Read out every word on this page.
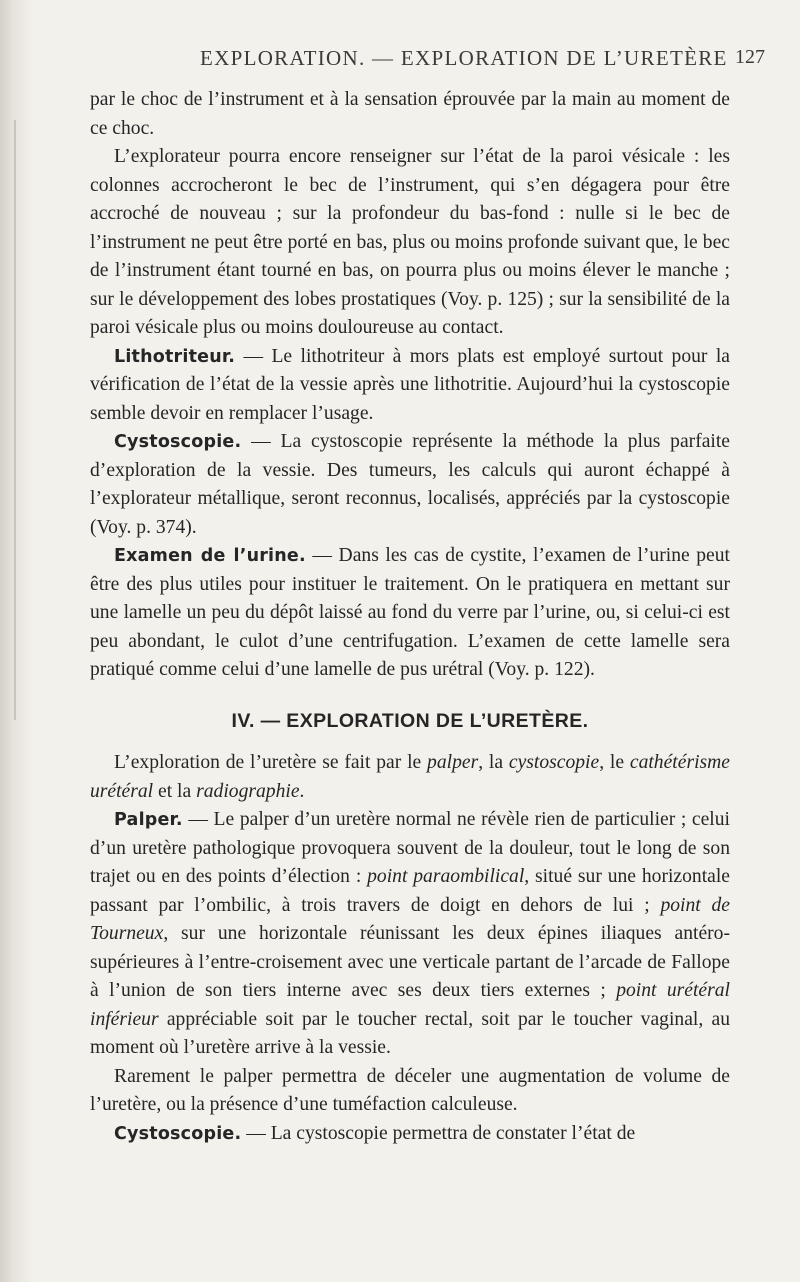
EXPLORATION. — EXPLORATION DE L’URETÈRE 127

par le choc de l’instrument et à la sensation éprouvée par la main au moment de ce choc.

L’explorateur pourra encore renseigner sur l’état de la paroi vésicale : les colonnes accrocheront le bec de l’instrument, qui s’en dégagera pour être accroché de nouveau ; sur la profondeur du bas-fond : nulle si le bec de l’instrument ne peut être porté en bas, plus ou moins profonde suivant que, le bec de l’instrument étant tourné en bas, on pourra plus ou moins élever le manche ; sur le développement des lobes prostatiques (Voy. p. 125) ; sur la sensibilité de la paroi vésicale plus ou moins douloureuse au contact.

Lithotriteur. — Le lithotriteur à mors plats est employé surtout pour la vérification de l’état de la vessie après une lithotritie. Aujourd’hui la cystoscopie semble devoir en remplacer l’usage.

Cystoscopie. — La cystoscopie représente la méthode la plus parfaite d’exploration de la vessie. Des tumeurs, les calculs qui auront échappé à l’explorateur métallique, seront reconnus, localisés, appréciés par la cystoscopie (Voy. p. 374).

Examen de l’urine. — Dans les cas de cystite, l’examen de l’urine peut être des plus utiles pour instituer le traitement. On le pratiquera en mettant sur une lamelle un peu du dépôt laissé au fond du verre par l’urine, ou, si celui-ci est peu abondant, le culot d’une centrifugation. L’examen de cette lamelle sera pratiqué comme celui d’une lamelle de pus urétral (Voy. p. 122).

IV. — EXPLORATION DE L’URETÈRE.

L’exploration de l’uretère se fait par le palper, la cystoscopie, le cathétérisme urétéral et la radiographie.

Palper. — Le palper d’un uretère normal ne révèle rien de particulier ; celui d’un uretère pathologique provoquera souvent de la douleur, tout le long de son trajet ou en des points d’élection : point paraombilical, situé sur une horizontale passant par l’ombilic, à trois travers de doigt en dehors de lui ; point de Tourneux, sur une horizontale réunissant les deux épines iliaques antéro-supérieures à l’entre-croisement avec une verticale partant de l’arcade de Fallope à l’union de son tiers interne avec ses deux tiers externes ; point urétéral inférieur appréciable soit par le toucher rectal, soit par le toucher vaginal, au moment où l’uretère arrive à la vessie.

Rarement le palper permettra de déceler une augmentation de volume de l’uretère, ou la présence d’une tuméfaction calculeuse.

Cystoscopie. — La cystoscopie permettra de constater l’état de
